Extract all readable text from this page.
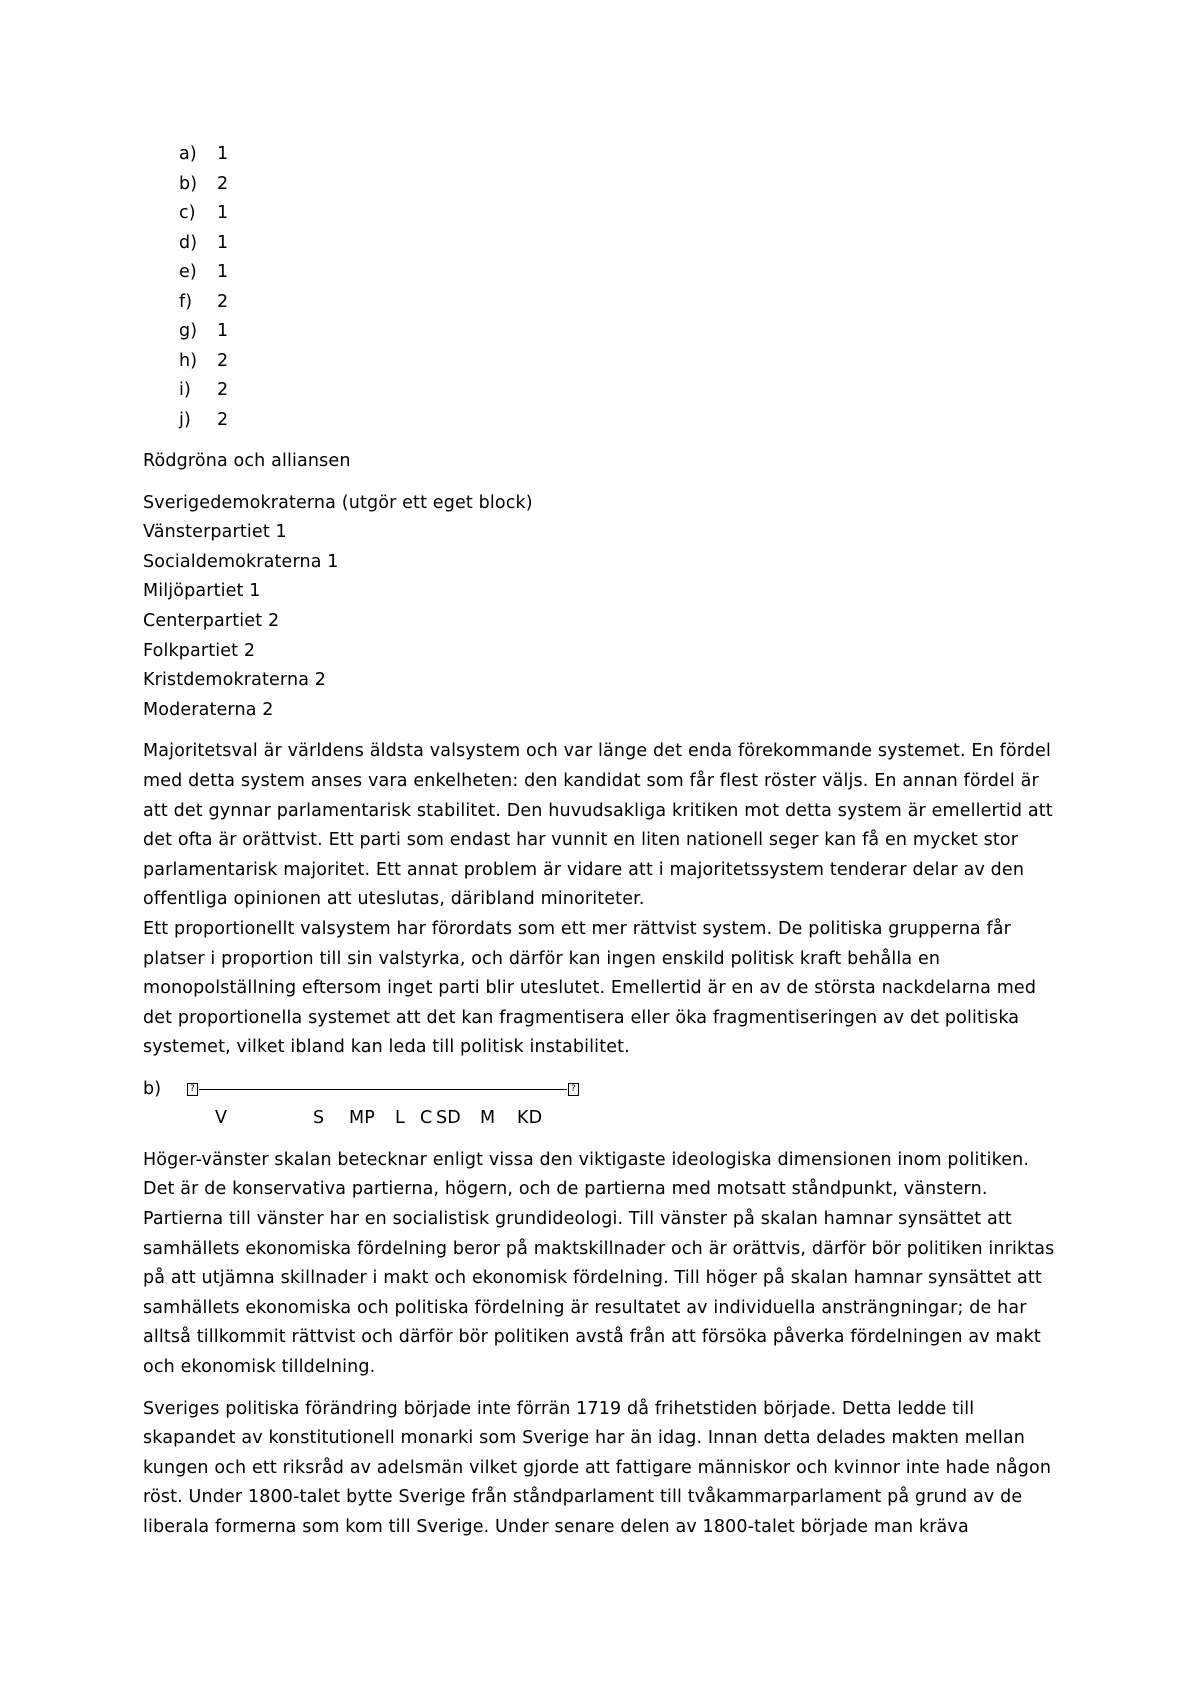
a) 1
b) 2
c) 1
d) 1
e) 1
f) 2
g) 1
h) 2
i) 2
j) 2

Rödgröna och alliansen

Sverigedemokraterna (utgör ett eget block)
Vänsterpartiet 1
Socialdemokraterna 1
Miljöpartiet 1
Centerpartiet 2
Folkpartiet 2
Kristdemokraterna 2
Moderaterna 2

Majoritetsval är världens äldsta valsystem och var länge det enda förekommande systemet. En fördel med detta system anses vara enkelheten: den kandidat som får flest röster väljs. En annan fördel är att det gynnar parlamentarisk stabilitet. Den huvudsakliga kritiken mot detta system är emellertid att det ofta är orättvist. Ett parti som endast har vunnit en liten nationell seger kan få en mycket stor parlamentarisk majoritet. Ett annat problem är vidare att i majoritetssystem tenderar delar av den offentliga opinionen att uteslutas, däribland minoriteter.

Ett proportionellt valsystem har förordats som ett mer rättvist system. De politiska grupperna får platser i proportion till sin valstyrka, och därför kan ingen enskild politisk kraft behålla en monopolställning eftersom inget parti blir uteslutet. Emellertid är en av de största nackdelarna med det proportionella systemet att det kan fragmentisera eller öka fragmentiseringen av det politiska systemet, vilket ibland kan leda till politisk instabilitet.

b)	?	?
V	S MP L C SD M KD

Höger-vänster skalan betecknar enligt vissa den viktigaste ideologiska dimensionen inom politiken. Det är de konservativa partierna, högern, och de partierna med motsatt ståndpunkt, vänstern. Partierna till vänster har en socialistisk grundideologi. Till vänster på skalan hamnar synsättet att samhällets ekonomiska fördelning beror på maktskillnader och är orättvis, därför bör politiken inriktas på att utjämna skillnader i makt och ekonomisk fördelning. Till höger på skalan hamnar synsättet att samhällets ekonomiska och politiska fördelning är resultatet av individuella ansträngningar; de har alltså tillkommit rättvist och därför bör politiken avstå från att försöka påverka fördelningen av makt och ekonomisk tilldelning.

Sveriges politiska förändring började inte förrän 1719 då frihetstiden började. Detta ledde till skapandet av konstitutionell monarki som Sverige har än idag. Innan detta delades makten mellan kungen och ett riksråd av adelsmän vilket gjorde att fattigare människor och kvinnor inte hade någon röst. Under 1800-talet bytte Sverige från ståndparlament till tvåkammarparlament på grund av de liberala formerna som kom till Sverige. Under senare delen av 1800-talet började man kräva
